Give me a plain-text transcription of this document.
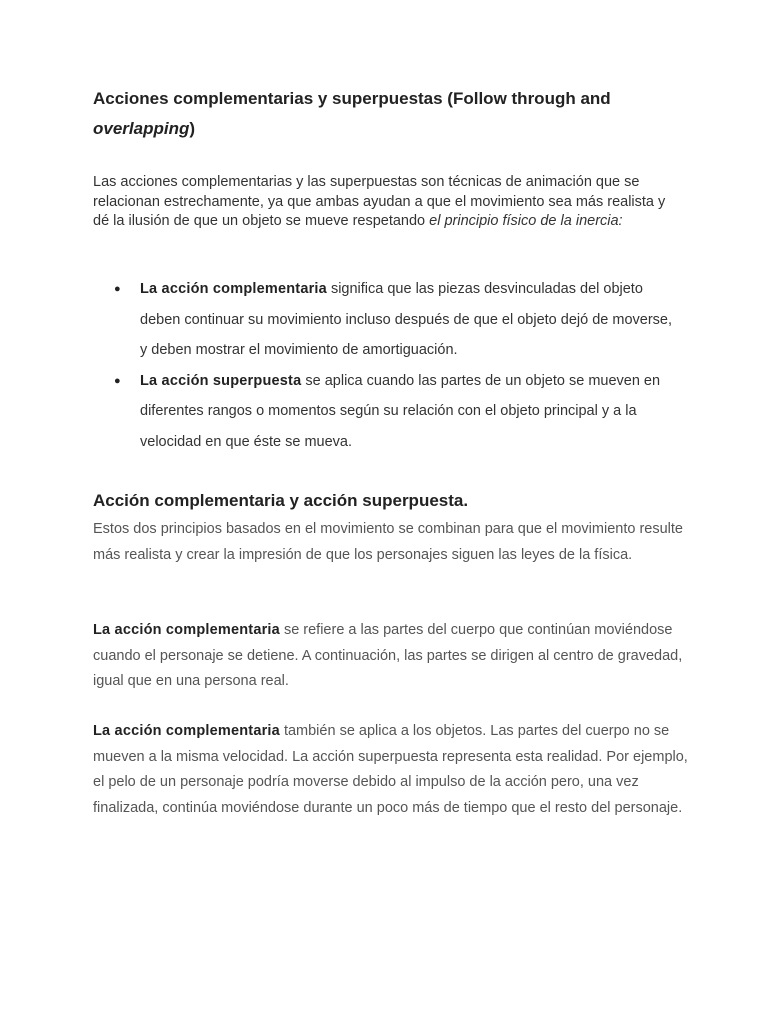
Acciones complementarias y superpuestas (Follow through and overlapping)

Las acciones complementarias y las superpuestas son técnicas de animación que se relacionan estrechamente, ya que ambas ayudan a que el movimiento sea más realista y dé la ilusión de que un objeto se mueve respetando el principio físico de la inercia:

● La acción complementaria significa que las piezas desvinculadas del objeto deben continuar su movimiento incluso después de que el objeto dejó de moverse, y deben mostrar el movimiento de amortiguación.
● La acción superpuesta se aplica cuando las partes de un objeto se mueven en diferentes rangos o momentos según su relación con el objeto principal y a la velocidad en que éste se mueva.
Acción complementaria y acción superpuesta.

Estos dos principios basados en el movimiento se combinan para que el movimiento resulte más realista y crear la impresión de que los personajes siguen las leyes de la física.

La acción complementaria se refiere a las partes del cuerpo que continúan moviéndose cuando el personaje se detiene. A continuación, las partes se dirigen al centro de gravedad, igual que en una persona real.

La acción complementaria también se aplica a los objetos. Las partes del cuerpo no se mueven a la misma velocidad. La acción superpuesta representa esta realidad. Por ejemplo, el pelo de un personaje podría moverse debido al impulso de la acción pero, una vez finalizada, continúa moviéndose durante un poco más de tiempo que el resto del personaje.
